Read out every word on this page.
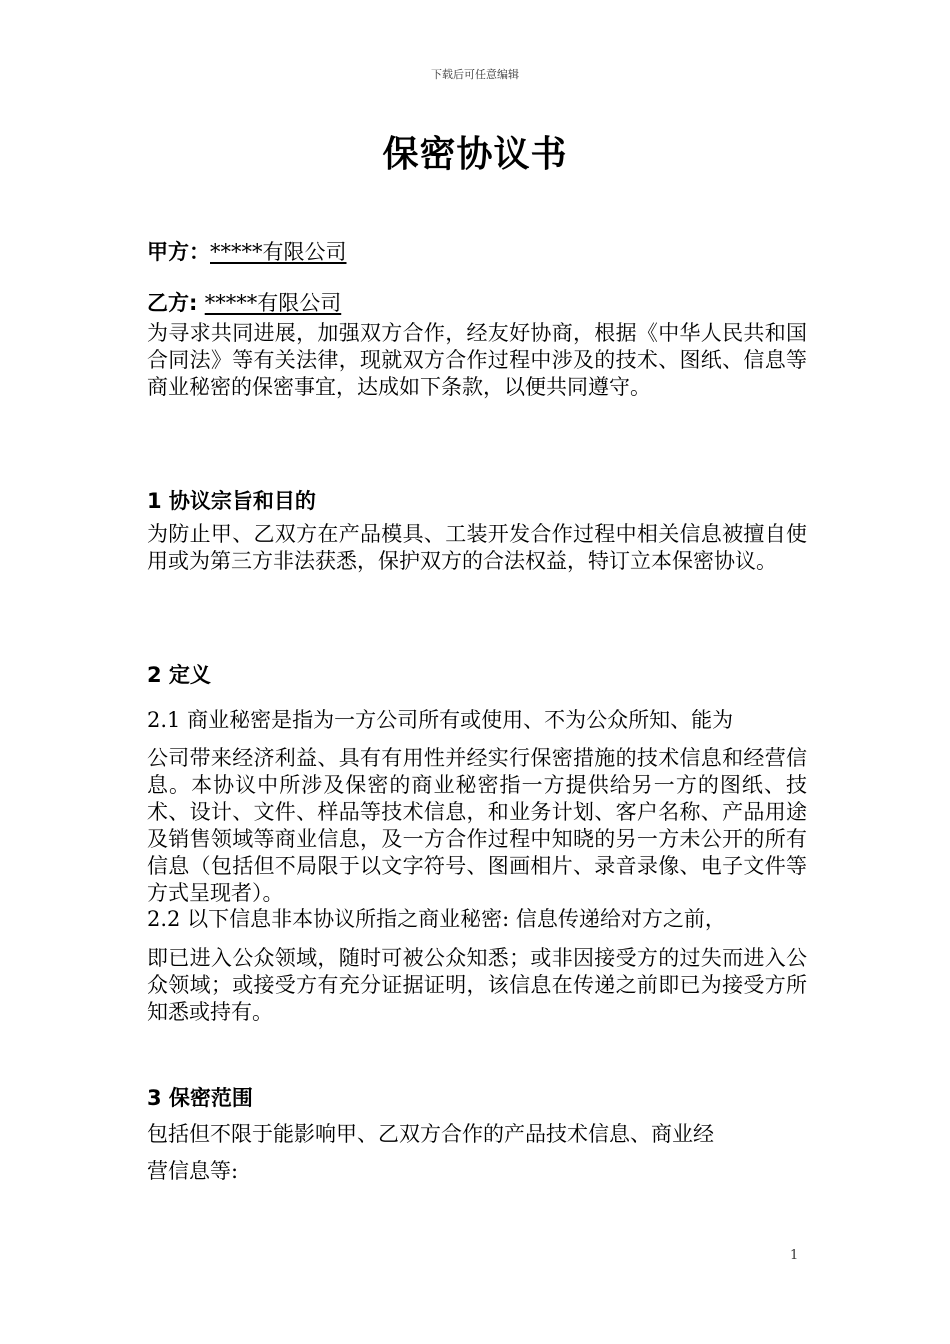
下载后可任意编辑
保密协议书
甲方：*****有限公司
乙方: *****有限公司

为寻求共同进展，加强双方合作，经友好协商，根据《中华人民共和国合同法》等有关法律，现就双方合作过程中涉及的技术、图纸、信息等商业秘密的保密事宜，达成如下条款，以便共同遵守。

1 协议宗旨和目的

为防止甲、乙双方在产品模具、工装开发合作过程中相关信息被擅自使用或为第三方非法获悉，保护双方的合法权益，特订立本保密协议。

2 定义

2.1 商业秘密是指为一方公司所有或使用、不为公众所知、能为

公司带来经济利益、具有有用性并经实行保密措施的技术信息和经营信息。本协议中所涉及保密的商业秘密指一方提供给另一方的图纸、技术、设计、文件、样品等技术信息，和业务计划、客户名称、产品用途及销售领域等商业信息，及一方合作过程中知晓的另一方未公开的所有信息（包括但不局限于以文字符号、图画相片、录音录像、电子文件等方式呈现者）。

2.2 以下信息非本协议所指之商业秘密: 信息传递给对方之前，

即已进入公众领域，随时可被公众知悉；或非因接受方的过失而进入公众领域；或接受方有充分证据证明，该信息在传递之前即已为接受方所知悉或持有。

3 保密范围

包括但不限于能影响甲、乙双方合作的产品技术信息、商业经

营信息等:

1
